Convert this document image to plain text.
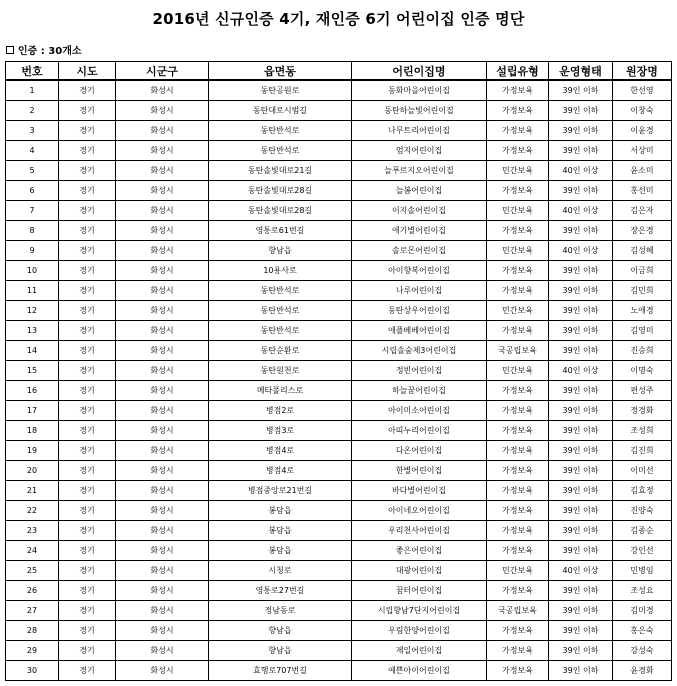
2016년 신규인증 4기, 재인증 6기 어린이집 인증 명단
인증 : 30개소
번호	시도	시군구	읍면동	어린이집명	설립유형	운영형태	원장명
1	경기	화성시	동탄공원로	동화마을어린이집	가정보육	39인 이하	한선영
2	경기	화성시	동탄대로시범길	동탄하늘빛어린이집	가정보육	39인 이하	이창숙
3	경기	화성시	동탄반석로	나무트리어린이집	가정보육	39인 이하	이윤경
4	경기	화성시	동탄반석로	엄지어린이집	가정보육	39인 이하	서상미
5	경기	화성시	동탄솔빛대로21길	늘푸르지오어린이집	민간보육	40인 이상	윤소미
6	경기	화성시	동탄솔빛대로28길	늘봄어린이집	가정보육	39인 이하	홍선미
7	경기	화성시	동탄솔빛대로28길	이지솔어린이집	민간보육	40인 이상	김은자
8	경기	화성시	영통로61번길	애기별어린이집	가정보육	39인 이하	장은경
9	경기	화성시	향남읍	솔로몬어린이집	민간보육	40인 이상	김성혜
10	경기	화성시	10용사로	아이향복어린이집	가정보육	39인 이하	이금희
11	경기	화성시	동탄반석로	나루어린이집	가정보육	39인 이하	김민희
12	경기	화성시	동탄반석로	동탄상우어린이집	민간보육	39인 이하	노애경
13	경기	화성시	동탄반석로	애플베베어린이집	가정보육	39인 이하	김영미
14	경기	화성시	동탄순환로	시립솔숲제3어린이집	국공립보육	39인 이하	진승희
15	경기	화성시	동탄원천로	정빈어린이집	민간보육	40인 이상	이명숙
16	경기	화성시	메타폴리스로	하늘꿈어린이집	가정보육	39인 이하	편성주
17	경기	화성시	병점2로	아이미소어린이집	가정보육	39인 이하	정경화
18	경기	화성시	병점3로	아띠누리어린이집	가정보육	39인 이하	조성희
19	경기	화성시	병점4로	다온어린이집	가정보육	39인 이하	김진희
20	경기	화성시	병점4로	한별어린이집	가정보육	39인 이하	이미선
21	경기	화성시	병점중앙로21번길	바다별어린이집	가정보육	39인 이하	김효정
22	경기	화성시	봉담읍	아이네오어린이집	가정보육	39인 이하	진양숙
23	경기	화성시	봉담읍	우리천사어린이집	가정보육	39인 이하	김종순
24	경기	화성시	봉담읍	좋은어린이집	가정보육	39인 이하	강인선
25	경기	화성시	시청로	대광어린이집	민간보육	40인 이상	민병임
26	경기	화성시	영통로27번길	꿈터어린이집	가정보육	39인 이하	조성요
27	경기	화성시	정남동로	시립향남7단지어린이집	국공립보육	39인 이하	김미경
28	경기	화성시	향남읍	우림한양어린이집	가정보육	39인 이하	홍은숙
29	경기	화성시	향남읍	제일어린이집	가정보육	39인 이하	강성숙
30	경기	화성시	효행로707번길	예쁜아이어린이집	가정보육	39인 이하	윤경화
